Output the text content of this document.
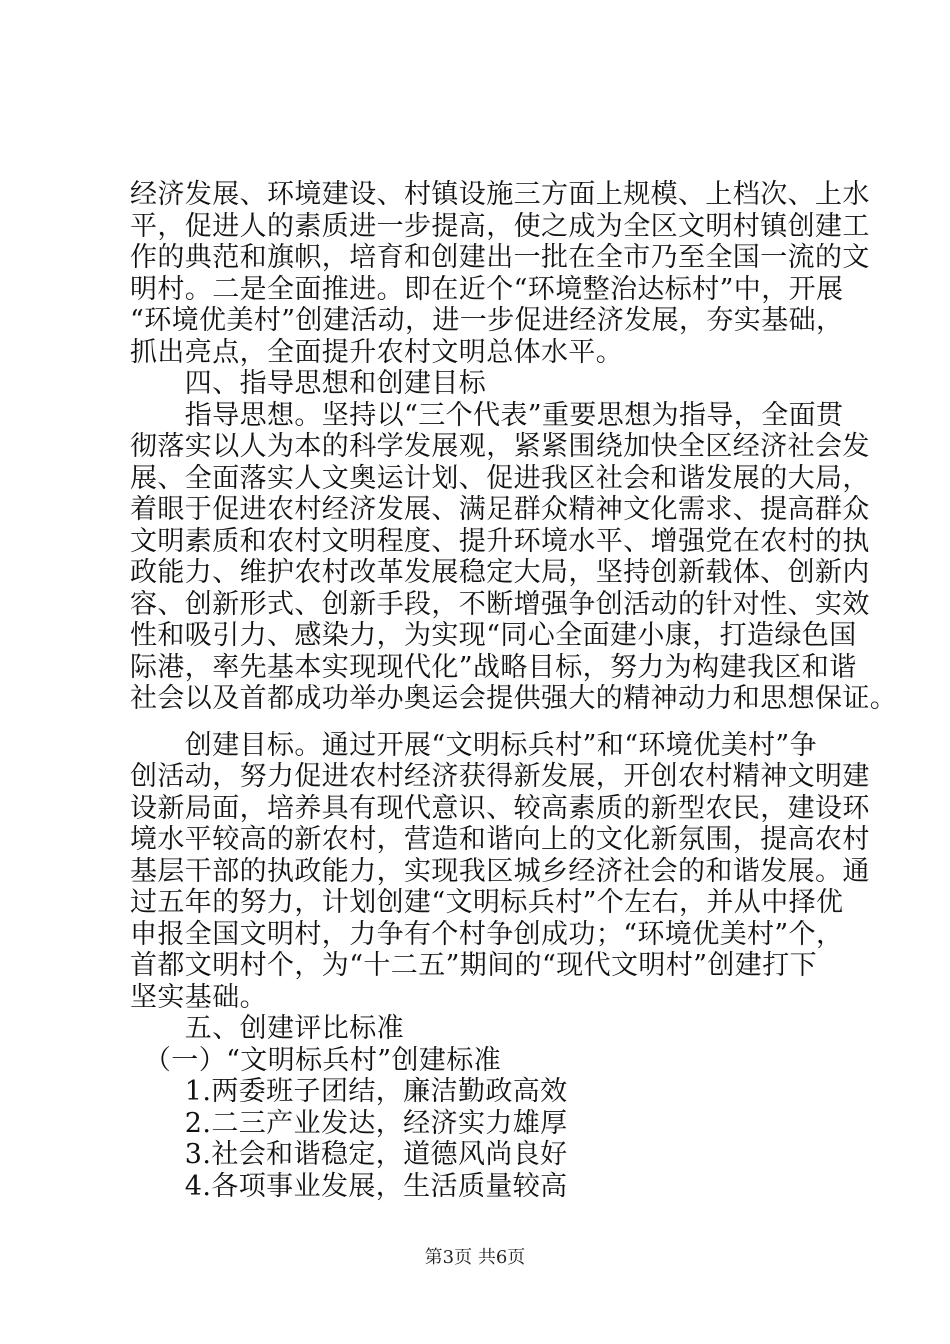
经济发展、环境建设、村镇设施三方面上规模、上档次、上水
平，促进人的素质进一步提高，使之成为全区文明村镇创建工
作的典范和旗帜，培育和创建出一批在全市乃至全国一流的文
明村。二是全面推进。即在近个“环境整治达标村”中，开展
“环境优美村”创建活动，进一步促进经济发展，夯实基础，
抓出亮点，全面提升农村文明总体水平。
　　四、指导思想和创建目标
　　指导思想。坚持以“三个代表”重要思想为指导，全面贯
彻落实以人为本的科学发展观，紧紧围绕加快全区经济社会发
展、全面落实人文奥运计划、促进我区社会和谐发展的大局，
着眼于促进农村经济发展、满足群众精神文化需求、提高群众
文明素质和农村文明程度、提升环境水平、增强党在农村的执
政能力、维护农村改革发展稳定大局，坚持创新载体、创新内
容、创新形式、创新手段，不断增强争创活动的针对性、实效
性和吸引力、感染力，为实现“同心全面建小康，打造绿色国
际港，率先基本实现现代化”战略目标，努力为构建我区和谐
社会以及首都成功举办奥运会提供强大的精神动力和思想保证。
　　创建目标。通过开展“文明标兵村”和“环境优美村”争
创活动，努力促进农村经济获得新发展，开创农村精神文明建
设新局面，培养具有现代意识、较高素质的新型农民，建设环
境水平较高的新农村，营造和谐向上的文化新氛围，提高农村
基层干部的执政能力，实现我区城乡经济社会的和谐发展。通
过五年的努力，计划创建“文明标兵村”个左右，并从中择优
申报全国文明村，力争有个村争创成功；“环境优美村”个，
首都文明村个，为“十二五”期间的“现代文明村”创建打下
坚实基础。
　　五、创建评比标准
　（一）“文明标兵村”创建标准
　　1.两委班子团结，廉洁勤政高效
　　2.二三产业发达，经济实力雄厚
　　3.社会和谐稳定，道德风尚良好
　　4.各项事业发展，生活质量较高
第3页 共6页
